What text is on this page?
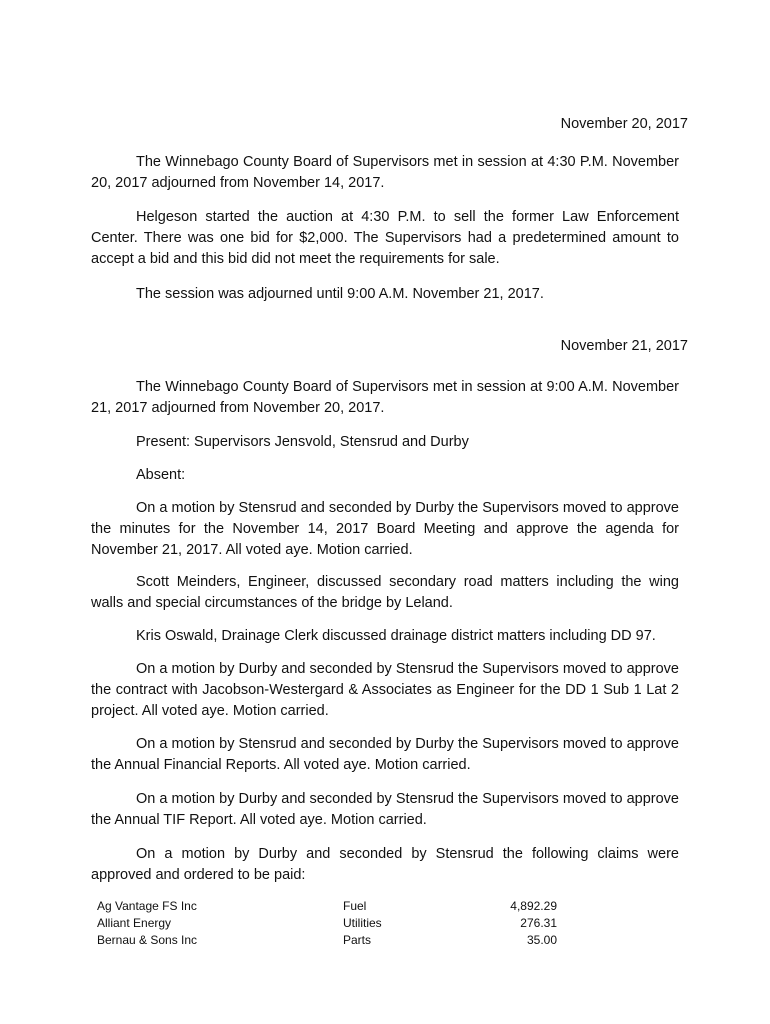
November 20, 2017

The Winnebago County Board of Supervisors met in session at 4:30 P.M. November 20, 2017 adjourned from November 14, 2017.

Helgeson started the auction at 4:30 P.M. to sell the former Law Enforcement Center. There was one bid for $2,000. The Supervisors had a predetermined amount to accept a bid and this bid did not meet the requirements for sale.

The session was adjourned until 9:00 A.M. November 21, 2017.

November 21, 2017

The Winnebago County Board of Supervisors met in session at 9:00 A.M. November 21, 2017 adjourned from November 20, 2017.

Present: Supervisors Jensvold, Stensrud and Durby

Absent:

On a motion by Stensrud and seconded by Durby the Supervisors moved to approve the minutes for the November 14, 2017 Board Meeting and approve the agenda for November 21, 2017. All voted aye. Motion carried.

Scott Meinders, Engineer, discussed secondary road matters including the wing walls and special circumstances of the bridge by Leland.

Kris Oswald, Drainage Clerk discussed drainage district matters including DD 97.

On a motion by Durby and seconded by Stensrud the Supervisors moved to approve the contract with Jacobson-Westergard & Associates as Engineer for the DD 1 Sub 1 Lat 2 project. All voted aye. Motion carried.

On a motion by Stensrud and seconded by Durby the Supervisors moved to approve the Annual Financial Reports. All voted aye. Motion carried.

On a motion by Durby and seconded by Stensrud the Supervisors moved to approve the Annual TIF Report. All voted aye. Motion carried.

On a motion by Durby and seconded by Stensrud the following claims were approved and ordered to be paid:

Ag Vantage FS Inc	Fuel	4,892.29
Alliant Energy	Utilities	276.31
Bernau & Sons Inc	Parts	35.00
